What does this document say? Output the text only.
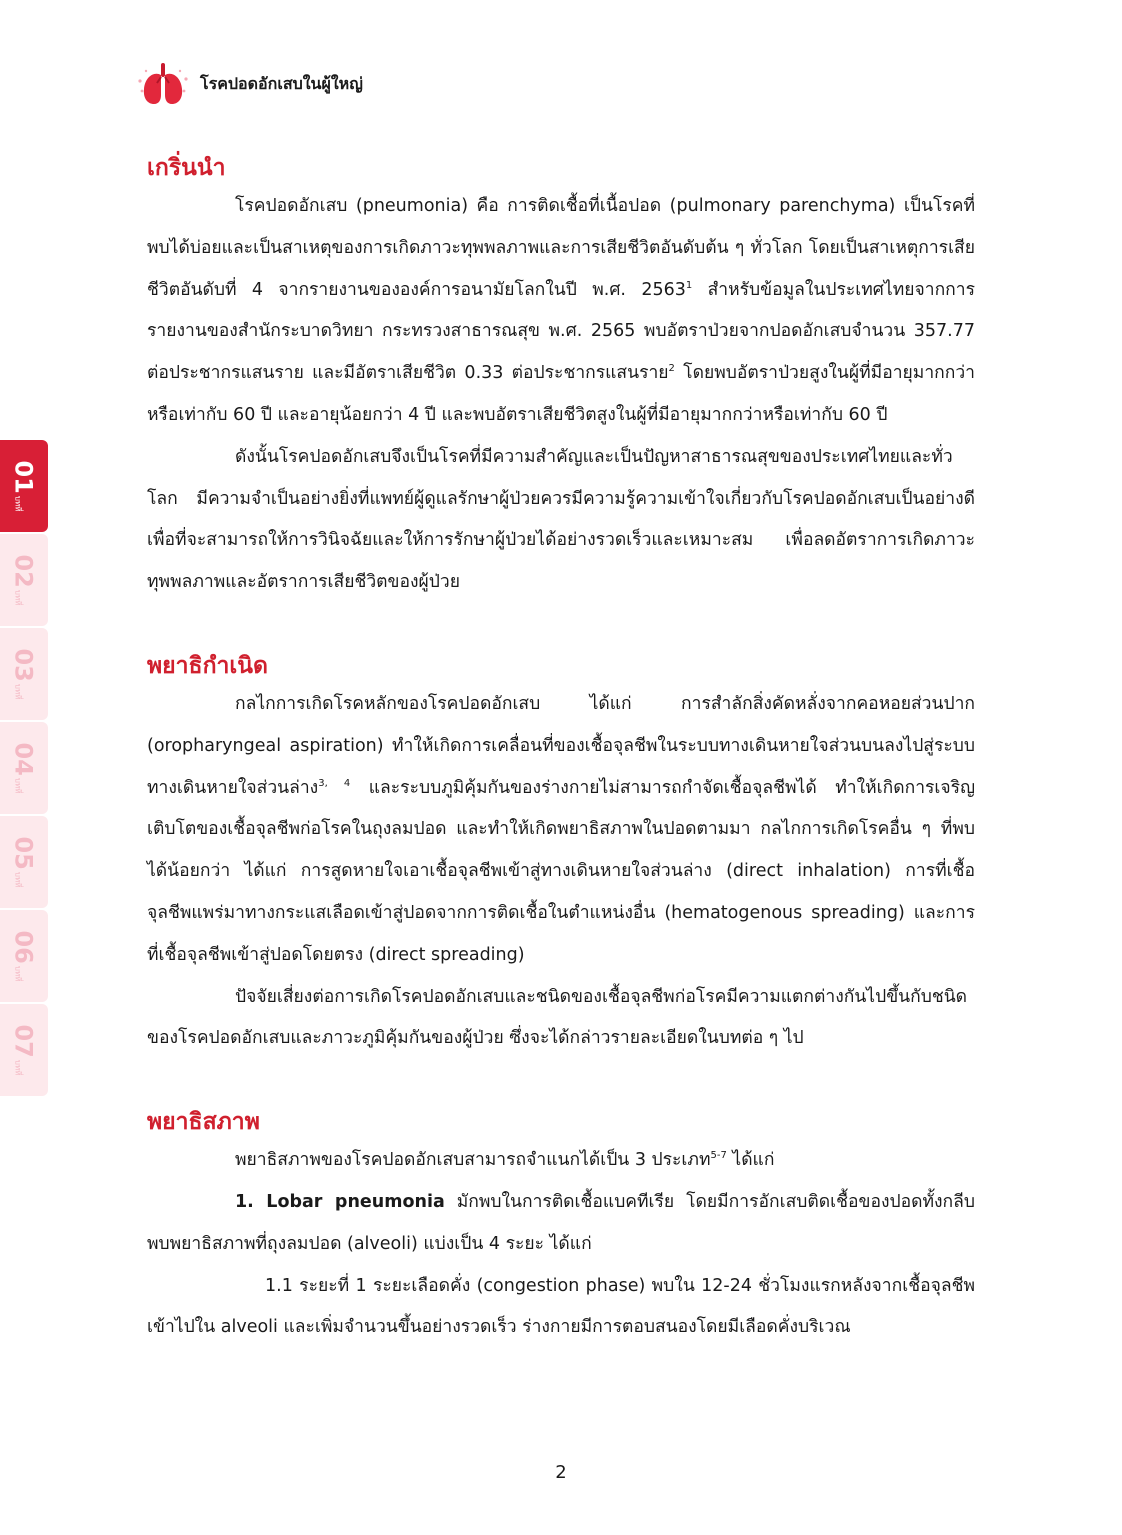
โรคปอดอักเสบในผู้ใหญ่
01
บทที่
02
บทที่
03
บทที่
04
บทที่
05
บทที่
06
บทที่
07
บทที่
เกริ่นนำ

โรคปอดอักเสบ (pneumonia) คือ การติดเชื้อที่เนื้อปอด (pulmonary parenchyma) เป็นโรคที่พบได้บ่อยและเป็นสาเหตุของการเกิดภาวะทุพพลภาพและการเสียชีวิตอันดับต้น ๆ ทั่วโลก โดยเป็นสาเหตุการเสียชีวิตอันดับที่ 4 จากรายงานขององค์การอนามัยโลกในปี พ.ศ. 2563$^1$ สำหรับข้อมูลในประเทศไทยจากการรายงานของสำนักระบาดวิทยา กระทรวงสาธารณสุข พ.ศ. 2565 พบอัตราป่วยจากปอดอักเสบจำนวน 357.77 ต่อประชากรแสนราย และมีอัตราเสียชีวิต 0.33 ต่อประชากรแสนราย$^2$ โดยพบอัตราป่วยสูงในผู้ที่มีอายุมากกว่าหรือเท่ากับ 60 ปี และอายุน้อยกว่า 4 ปี และพบอัตราเสียชีวิตสูงในผู้ที่มีอายุมากกว่าหรือเท่ากับ 60 ปี

ดังนั้นโรคปอดอักเสบจึงเป็นโรคที่มีความสำคัญและเป็นปัญหาสาธารณสุขของประเทศไทยและทั่วโลก มีความจำเป็นอย่างยิ่งที่แพทย์ผู้ดูแลรักษาผู้ป่วยควรมีความรู้ความเข้าใจเกี่ยวกับโรคปอดอักเสบเป็นอย่างดี เพื่อที่จะสามารถให้การวินิจฉัยและให้การรักษาผู้ป่วยได้อย่างรวดเร็วและเหมาะสม เพื่อลดอัตราการเกิดภาวะทุพพลภาพและอัตราการเสียชีวิตของผู้ป่วย

พยาธิกำเนิด

กลไกการเกิดโรคหลักของโรคปอดอักเสบ ได้แก่ การสำลักสิ่งคัดหลั่งจากคอหอยส่วนปาก (oropharyngeal aspiration) ทำให้เกิดการเคลื่อนที่ของเชื้อจุลชีพในระบบทางเดินหายใจส่วนบนลงไปสู่ระบบทางเดินหายใจส่วนล่าง$^{3, 4}$ และระบบภูมิคุ้มกันของร่างกายไม่สามารถกำจัดเชื้อจุลชีพได้ ทำให้เกิดการเจริญเติบโตของเชื้อจุลชีพก่อโรคในถุงลมปอด และทำให้เกิดพยาธิสภาพในปอดตามมา กลไกการเกิดโรคอื่น ๆ ที่พบได้น้อยกว่า ได้แก่ การสูดหายใจเอาเชื้อจุลชีพเข้าสู่ทางเดินหายใจส่วนล่าง (direct inhalation) การที่เชื้อจุลชีพแพร่มาทางกระแสเลือดเข้าสู่ปอดจากการติดเชื้อในตำแหน่งอื่น (hematogenous spreading) และการที่เชื้อจุลชีพเข้าสู่ปอดโดยตรง (direct spreading)

ปัจจัยเสี่ยงต่อการเกิดโรคปอดอักเสบและชนิดของเชื้อจุลชีพก่อโรคมีความแตกต่างกันไปขึ้นกับชนิดของโรคปอดอักเสบและภาวะภูมิคุ้มกันของผู้ป่วย ซึ่งจะได้กล่าวรายละเอียดในบทต่อ ๆ ไป

พยาธิสภาพ

พยาธิสภาพของโรคปอดอักเสบสามารถจำแนกได้เป็น 3 ประเภท$^{5-7}$ ได้แก่

1. Lobar pneumonia มักพบในการติดเชื้อแบคทีเรีย โดยมีการอักเสบติดเชื้อของปอดทั้งกลีบ พบพยาธิสภาพที่ถุงลมปอด (alveoli) แบ่งเป็น 4 ระยะ ได้แก่

1.1 ระยะที่ 1 ระยะเลือดคั่ง (congestion phase) พบใน 12-24 ชั่วโมงแรกหลังจากเชื้อจุลชีพเข้าไปใน alveoli และเพิ่มจำนวนขึ้นอย่างรวดเร็ว ร่างกายมีการตอบสนองโดยมีเลือดคั่งบริเวณ

2
